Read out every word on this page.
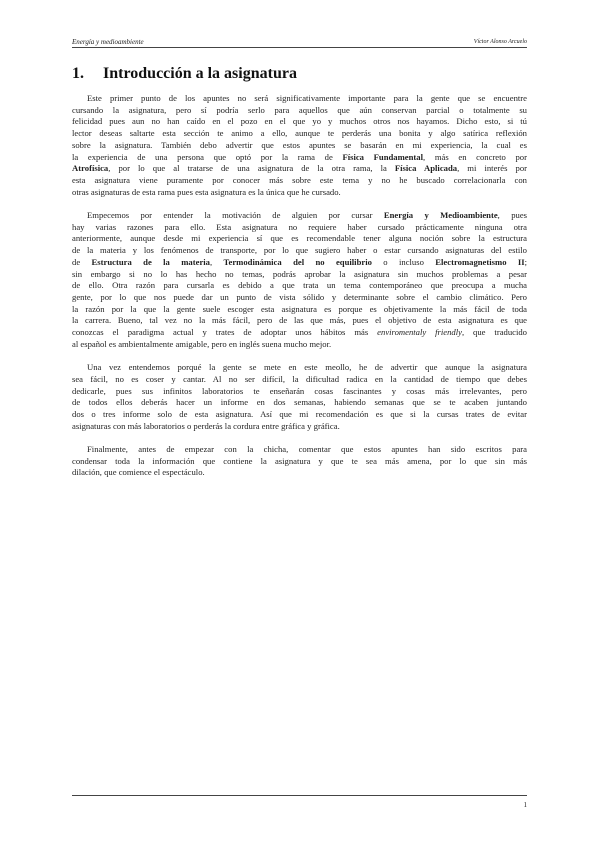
Energía y medioambiente	Víctor Alonso Arcuelo
1. Introducción a la asignatura
Este primer punto de los apuntes no será significativamente importante para la gente que se encuentre
cursando la asignatura, pero sí podría serlo para aquellos que aún conservan parcial o totalmente su
felicidad pues aun no han caído en el pozo en el que yo y muchos otros nos hayamos. Dicho esto, si tú
lector deseas saltarte esta sección te animo a ello, aunque te perderás una bonita y algo satírica reflexión
sobre la asignatura. También debo advertir que estos apuntes se basarán en mi experiencia, la cual es
la experiencia de una persona que optó por la rama de Física Fundamental, más en concreto por
Atrofísica, por lo que al tratarse de una asignatura de la otra rama, la Física Aplicada, mi interés por
esta asignatura viene puramente por conocer más sobre este tema y no he buscado correlacionarla con
otras asignaturas de esta rama pues esta asignatura es la única que he cursado.
Empecemos por entender la motivación de alguien por cursar Energía y Medioambiente, pues
hay varias razones para ello. Esta asignatura no requiere haber cursado prácticamente ninguna otra
anteriormente, aunque desde mi experiencia sí que es recomendable tener alguna noción sobre la estructura
de la materia y los fenómenos de transporte, por lo que sugiero haber o estar cursando asignaturas del estilo
de Estructura de la materia, Termodinámica del no equilibrio o incluso Electromagnetismo II;
sin embargo si no lo has hecho no temas, podrás aprobar la asignatura sin muchos problemas a pesar
de ello. Otra razón para cursarla es debido a que trata un tema contemporáneo que preocupa a mucha
gente, por lo que nos puede dar un punto de vista sólido y determinante sobre el cambio climático. Pero
la razón por la que la gente suele escoger esta asignatura es porque es objetivamente la más fácil de toda
la carrera. Bueno, tal vez no la más fácil, pero de las que más, pues el objetivo de esta asignatura es que
conozcas el paradigma actual y trates de adoptar unos hábitos más enviromentaly friendly, que traducido
al español es ambientalmente amigable, pero en inglés suena mucho mejor.
Una vez entendemos porqué la gente se mete en este meollo, he de advertir que aunque la asignatura
sea fácil, no es coser y cantar. Al no ser difícil, la dificultad radica en la cantidad de tiempo que debes
dedicarle, pues sus infinitos laboratorios te enseñarán cosas fascinantes y cosas más irrelevantes, pero
de todos ellos deberás hacer un informe en dos semanas, habiendo semanas que se te acaben juntando
dos o tres informe solo de esta asignatura. Así que mi recomendación es que si la cursas trates de evitar
asignaturas con más laboratorios o perderás la cordura entre gráfica y gráfica.
Finalmente, antes de empezar con la chicha, comentar que estos apuntes han sido escritos para
condensar toda la información que contiene la asignatura y que te sea más amena, por lo que sin más
dilación, que comience el espectáculo.
1
